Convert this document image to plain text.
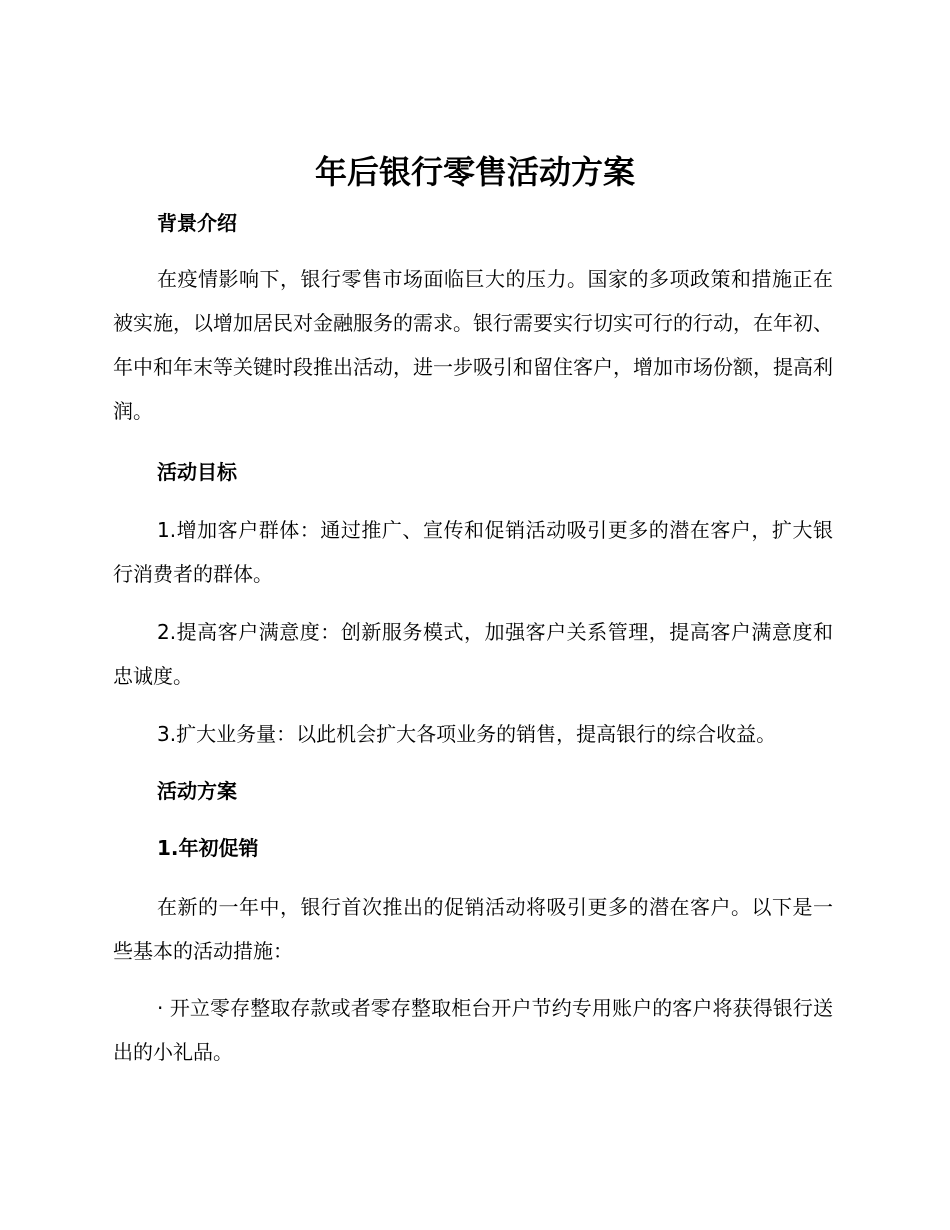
年后银行零售活动方案
背景介绍

在疫情影响下，银行零售市场面临巨大的压力。国家的多项政策和措施正在被实施，以增加居民对金融服务的需求。银行需要实行切实可行的行动，在年初、年中和年末等关键时段推出活动，进一步吸引和留住客户，增加市场份额，提高利润。

活动目标

1.增加客户群体：通过推广、宣传和促销活动吸引更多的潜在客户，扩大银行消费者的群体。

2.提高客户满意度：创新服务模式，加强客户关系管理，提高客户满意度和忠诚度。

3.扩大业务量：以此机会扩大各项业务的销售，提高银行的综合收益。

活动方案
1.年初促销

在新的一年中，银行首次推出的促销活动将吸引更多的潜在客户。以下是一些基本的活动措施：

· 开立零存整取存款或者零存整取柜台开户节约专用账户的客户将获得银行送出的小礼品。
